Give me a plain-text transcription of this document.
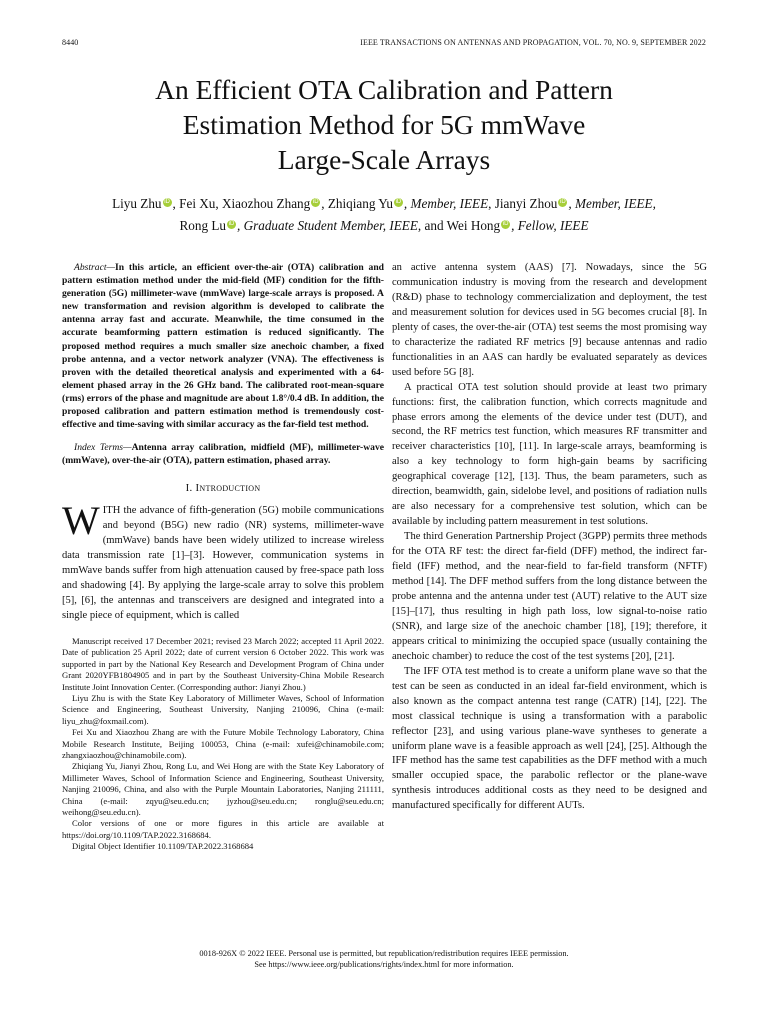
8440	IEEE TRANSACTIONS ON ANTENNAS AND PROPAGATION, VOL. 70, NO. 9, SEPTEMBER 2022
An Efficient OTA Calibration and Pattern
Estimation Method for 5G mmWave
Large-Scale Arrays
Liyu Zhu iD , Fei Xu, Xiaozhou Zhang iD , Zhiqiang Yu iD , Member, IEEE, Jianyi Zhou iD , Member, IEEE,
Rong Lu iD , Graduate Student Member, IEEE, and Wei Hong iD , Fellow, IEEE

Abstract—In this article, an efficient over-the-air (OTA) calibration and pattern estimation method under the mid-field (MF) condition for the fifth-generation (5G) millimeter-wave (mmWave) large-scale arrays is proposed. A new transformation and revision algorithm is developed to calibrate the antenna array fast and accurate. Meanwhile, the time consumed in the accurate beamforming pattern estimation is reduced significantly. The proposed method requires a much smaller size anechoic chamber, a fixed probe antenna, and a vector network analyzer (VNA). The effectiveness is proven with the detailed theoretical analysis and experimented with a 64-element phased array in the 26 GHz band. The calibrated root-mean-square (rms) errors of the phase and magnitude are about 1.8°/0.4 dB. In addition, the proposed calibration and pattern estimation method is tremendously cost-effective and time-saving with similar accuracy as the far-field test method.

Index Terms—Antenna array calibration, midfield (MF), millimeter-wave (mmWave), over-the-air (OTA), pattern estimation, phased array.

I. Introduction

WITH the advance of fifth-generation (5G) mobile communications and beyond (B5G) new radio (NR) systems, millimeter-wave (mmWave) bands have been widely utilized to increase wireless data transmission rate [1]–[3]. However, communication systems in mmWave bands suffer from high attenuation caused by free-space path loss and shadowing [4]. By applying the large-scale array to solve this problem [5], [6], the antennas and transceivers are designed and integrated into a single piece of equipment, which is called

Manuscript received 17 December 2021; revised 23 March 2022; accepted 11 April 2022. Date of publication 25 April 2022; date of current version 6 October 2022. This work was supported in part by the National Key Research and Development Program of China under Grant 2020YFB1804905 and in part by the Southeast University-China Mobile Research Institute Joint Innovation Center. (Corresponding author: Jianyi Zhou.)

Liyu Zhu is with the State Key Laboratory of Millimeter Waves, School of Information Science and Engineering, Southeast University, Nanjing 210096, China (e-mail: liyu_zhu@foxmail.com).

Fei Xu and Xiaozhou Zhang are with the Future Mobile Technology Laboratory, China Mobile Research Institute, Beijing 100053, China (e-mail: xufei@chinamobile.com; zhangxiaozhou@chinamobile.com).

Zhiqiang Yu, Jianyi Zhou, Rong Lu, and Wei Hong are with the State Key Laboratory of Millimeter Waves, School of Information Science and Engineering, Southeast University, Nanjing 210096, China, and also with the Purple Mountain Laboratories, Nanjing 211111, China (e-mail: zqyu@seu.edu.cn; jyzhou@seu.edu.cn; ronglu@seu.edu.cn; weihong@seu.edu.cn).

Color versions of one or more figures in this article are available at https://doi.org/10.1109/TAP.2022.3168684.

Digital Object Identifier 10.1109/TAP.2022.3168684

an active antenna system (AAS) [7]. Nowadays, since the 5G communication industry is moving from the research and development (R&D) phase to technology commercialization and deployment, the test and measurement solution for devices used in 5G becomes crucial [8]. In plenty of cases, the over-the-air (OTA) test seems the most promising way to characterize the radiated RF metrics [9] because antennas and radio functionalities in an AAS can hardly be evaluated separately as devices used before 5G [8].

A practical OTA test solution should provide at least two primary functions: first, the calibration function, which corrects magnitude and phase errors among the elements of the device under test (DUT), and second, the RF metrics test function, which measures RF transmitter and receiver characteristics [10], [11]. In large-scale arrays, beamforming is also a key technology to form high-gain beams by sacrificing geographical coverage [12], [13]. Thus, the beam parameters, such as direction, beamwidth, gain, sidelobe level, and positions of radiation nulls are also necessary for a comprehensive test solution, which can be available by including pattern measurement in test solutions.

The third Generation Partnership Project (3GPP) permits three methods for the OTA RF test: the direct far-field (DFF) method, the indirect far-field (IFF) method, and the near-field to far-field transform (NFTF) method [14]. The DFF method suffers from the long distance between the probe antenna and the antenna under test (AUT) relative to the AUT size [15]–[17], thus resulting in high path loss, low signal-to-noise ratio (SNR), and large size of the anechoic chamber [18], [19]; therefore, it appears critical to minimizing the occupied space (usually containing the anechoic chamber) to reduce the cost of the test systems [20], [21].

The IFF OTA test method is to create a uniform plane wave so that the test can be seen as conducted in an ideal far-field environment, which is also known as the compact antenna test range (CATR) [14], [22]. The most classical technique is using a transformation with a parabolic reflector [23], and using various plane-wave syntheses to generate a uniform plane wave is a feasible approach as well [24], [25]. Although the IFF method has the same test capabilities as the DFF method with a much smaller occupied space, the parabolic reflector or the plane-wave synthesis introduces additional costs as they need to be designed and manufactured specifically for different AUTs.

0018-926X © 2022 IEEE. Personal use is permitted, but republication/redistribution requires IEEE permission.
See https://www.ieee.org/publications/rights/index.html for more information.
